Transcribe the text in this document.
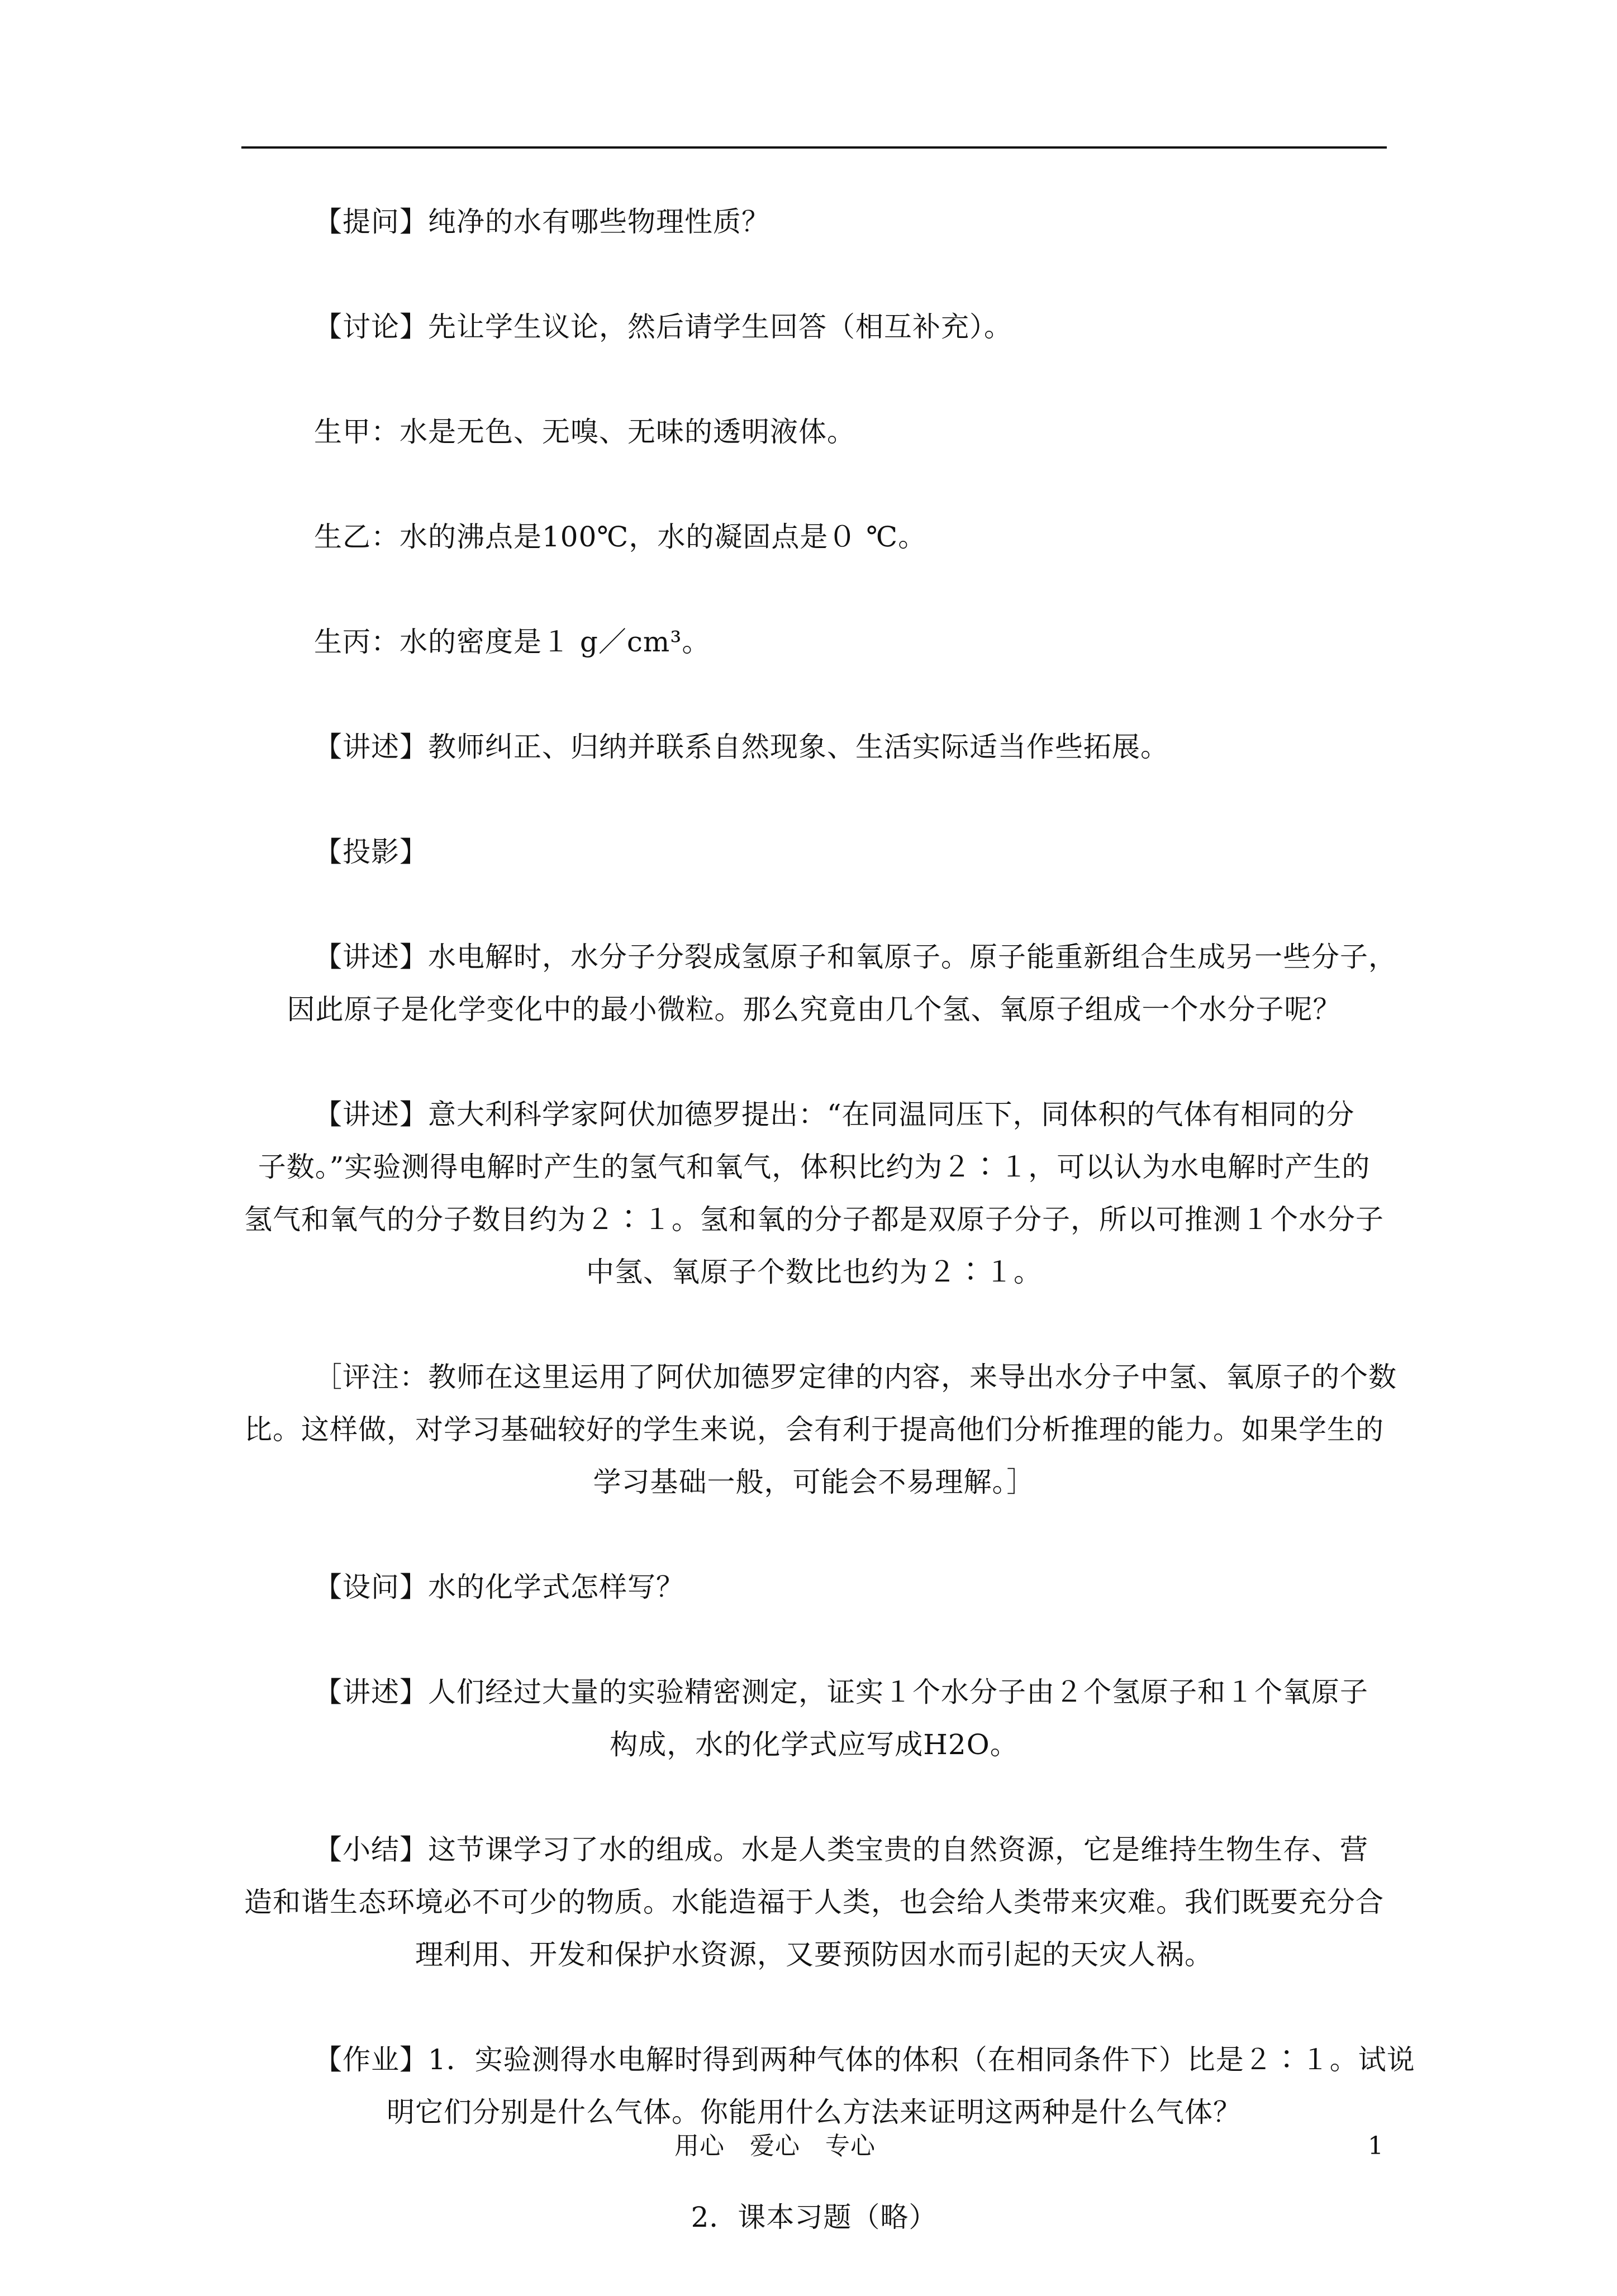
【提问】纯净的水有哪些物理性质？

【讨论】先让学生议论，然后请学生回答（相互补充）。

生甲：水是无色、无嗅、无味的透明液体。

生乙：水的沸点是100℃，水的凝固点是０ ℃。

生丙：水的密度是１ g／cm³。

【讲述】教师纠正、归纳并联系自然现象、生活实际适当作些拓展。

【投影】

【讲述】水电解时，水分子分裂成氢原子和氧原子。原子能重新组合生成另一些分子，
因此原子是化学变化中的最小微粒。那么究竟由几个氢、氧原子组成一个水分子呢？

【讲述】意大利科学家阿伏加德罗提出：“在同温同压下，同体积的气体有相同的分
子数。”实验测得电解时产生的氢气和氧气，体积比约为２∶１，可以认为水电解时产生的
氢气和氧气的分子数目约为２∶１。氢和氧的分子都是双原子分子，所以可推测１个水分子
中氢、氧原子个数比也约为２∶１。

［评注：教师在这里运用了阿伏加德罗定律的内容，来导出水分子中氢、氧原子的个数
比。这样做，对学习基础较好的学生来说，会有利于提高他们分析推理的能力。如果学生的
学习基础一般，可能会不易理解。］

【设问】水的化学式怎样写？

【讲述】人们经过大量的实验精密测定，证实１个水分子由２个氢原子和１个氧原子
构成，水的化学式应写成H2O。

【小结】这节课学习了水的组成。水是人类宝贵的自然资源，它是维持生物生存、营
造和谐生态环境必不可少的物质。水能造福于人类，也会给人类带来灾难。我们既要充分合
理利用、开发和保护水资源，又要预防因水而引起的天灾人祸。

【作业】1．实验测得水电解时得到两种气体的体积（在相同条件下）比是２∶１。试说
明它们分别是什么气体。你能用什么方法来证明这两种是什么气体？

2．课本习题（略）

用心　爱心　专心	1
